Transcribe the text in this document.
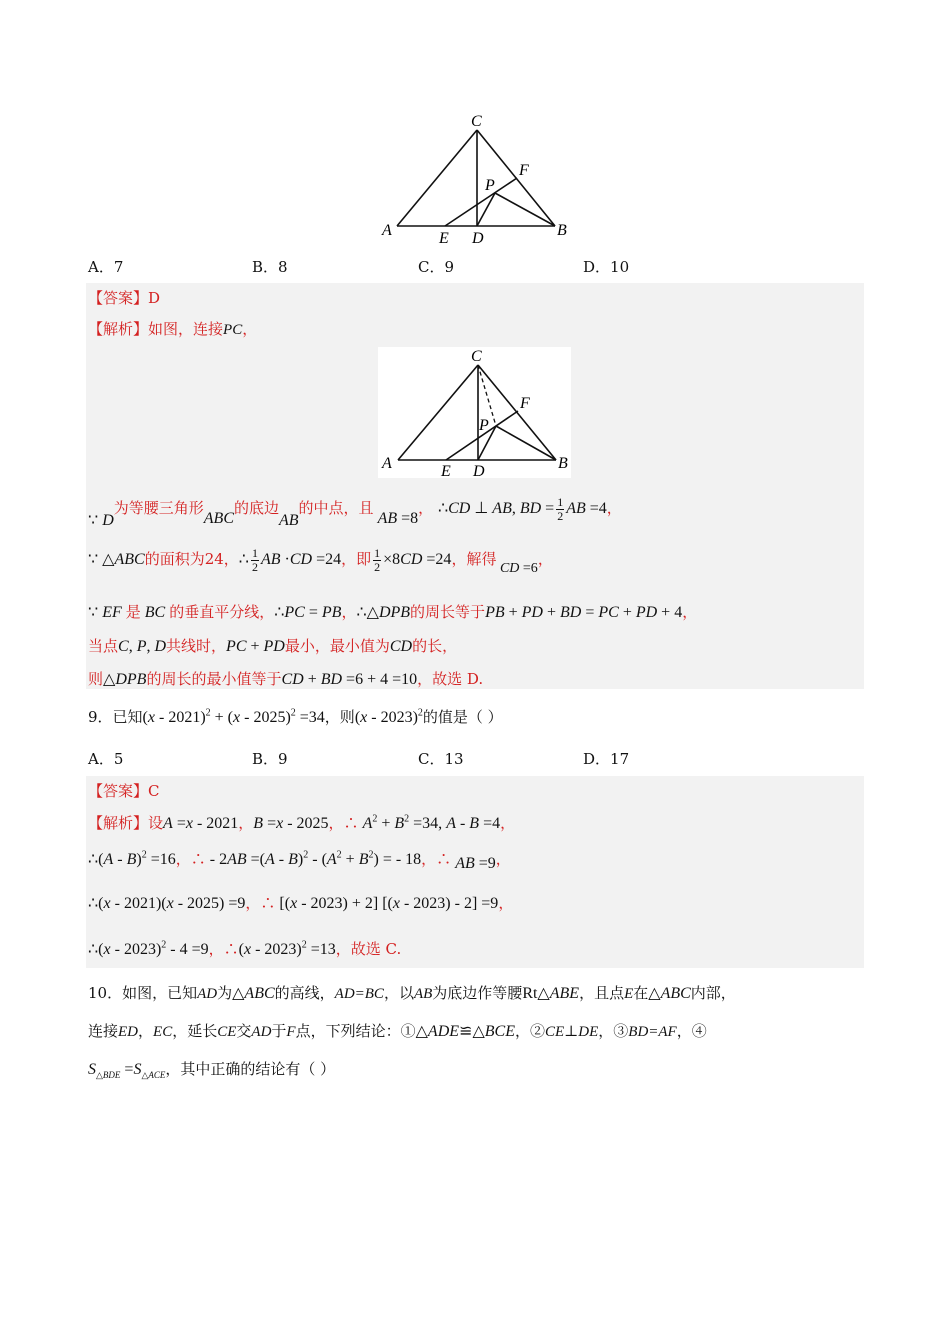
C
F
P
A	E D	B
A．7	B．8	C．9	D．10
【答案】D
【解析】如图，连接PC，
C
F
P
A	E D	B
∵ D为等腰三角形ABC的底边AB的中点，且 AB =8， ∴CD ⊥ AB, BD = $\frac{1}{2}$ AB =4，
∵ △ABC的面积为24，∴ $\frac{1}{2}$ AB ·CD =24，即 $\frac{1}{2} \times 8CD =24$，解得 CD =6，
∵ EF 是 BC 的垂直平分线，∴PC = PB，∴△DPB的周长等于PB + PD + BD = PC + PD + 4，
当点C, P, D共线时，PC + PD最小，最小值为CD的长，
则△DPB的周长的最小值等于CD + BD =6 + 4 =10，故选 D.
9．已知(x - 2021)$^2$ + (x - 2025)$^2$ =34，则(x - 2023)$^2$的值是（ ）
A．5	B．9	C．13	D．17
【答案】C
【解析】设A =x - 2021，B =x - 2025，∴ $A^2 + B^2 =34$, A - B =4，
∴(A - B)$^2$ =16，∴ - $2AB =(A - B)^2 - (A^2 + B^2)$ = - 18，∴ AB =9，
∴(x - 2021)(x - 2025) =9，∴ [(x - 2023) + 2] [(x - 2023) - 2] =9，
∴(x - 2023)$^2$ - 4 =9，∴(x - 2023)$^2$ =13，故选 C.
10．如图，已知AD为△ABC的高线，AD=BC，以AB为底边作等腰Rt△ABE，且点E在△ABC内部，
连接ED，EC，延长CE交AD于F点，下列结论：①△ADE≌△BCE，②CE⊥DE，③BD=AF，④
$S_{\triangle BDE} =S_{\triangle ACE}$，其中正确的结论有（ ）
